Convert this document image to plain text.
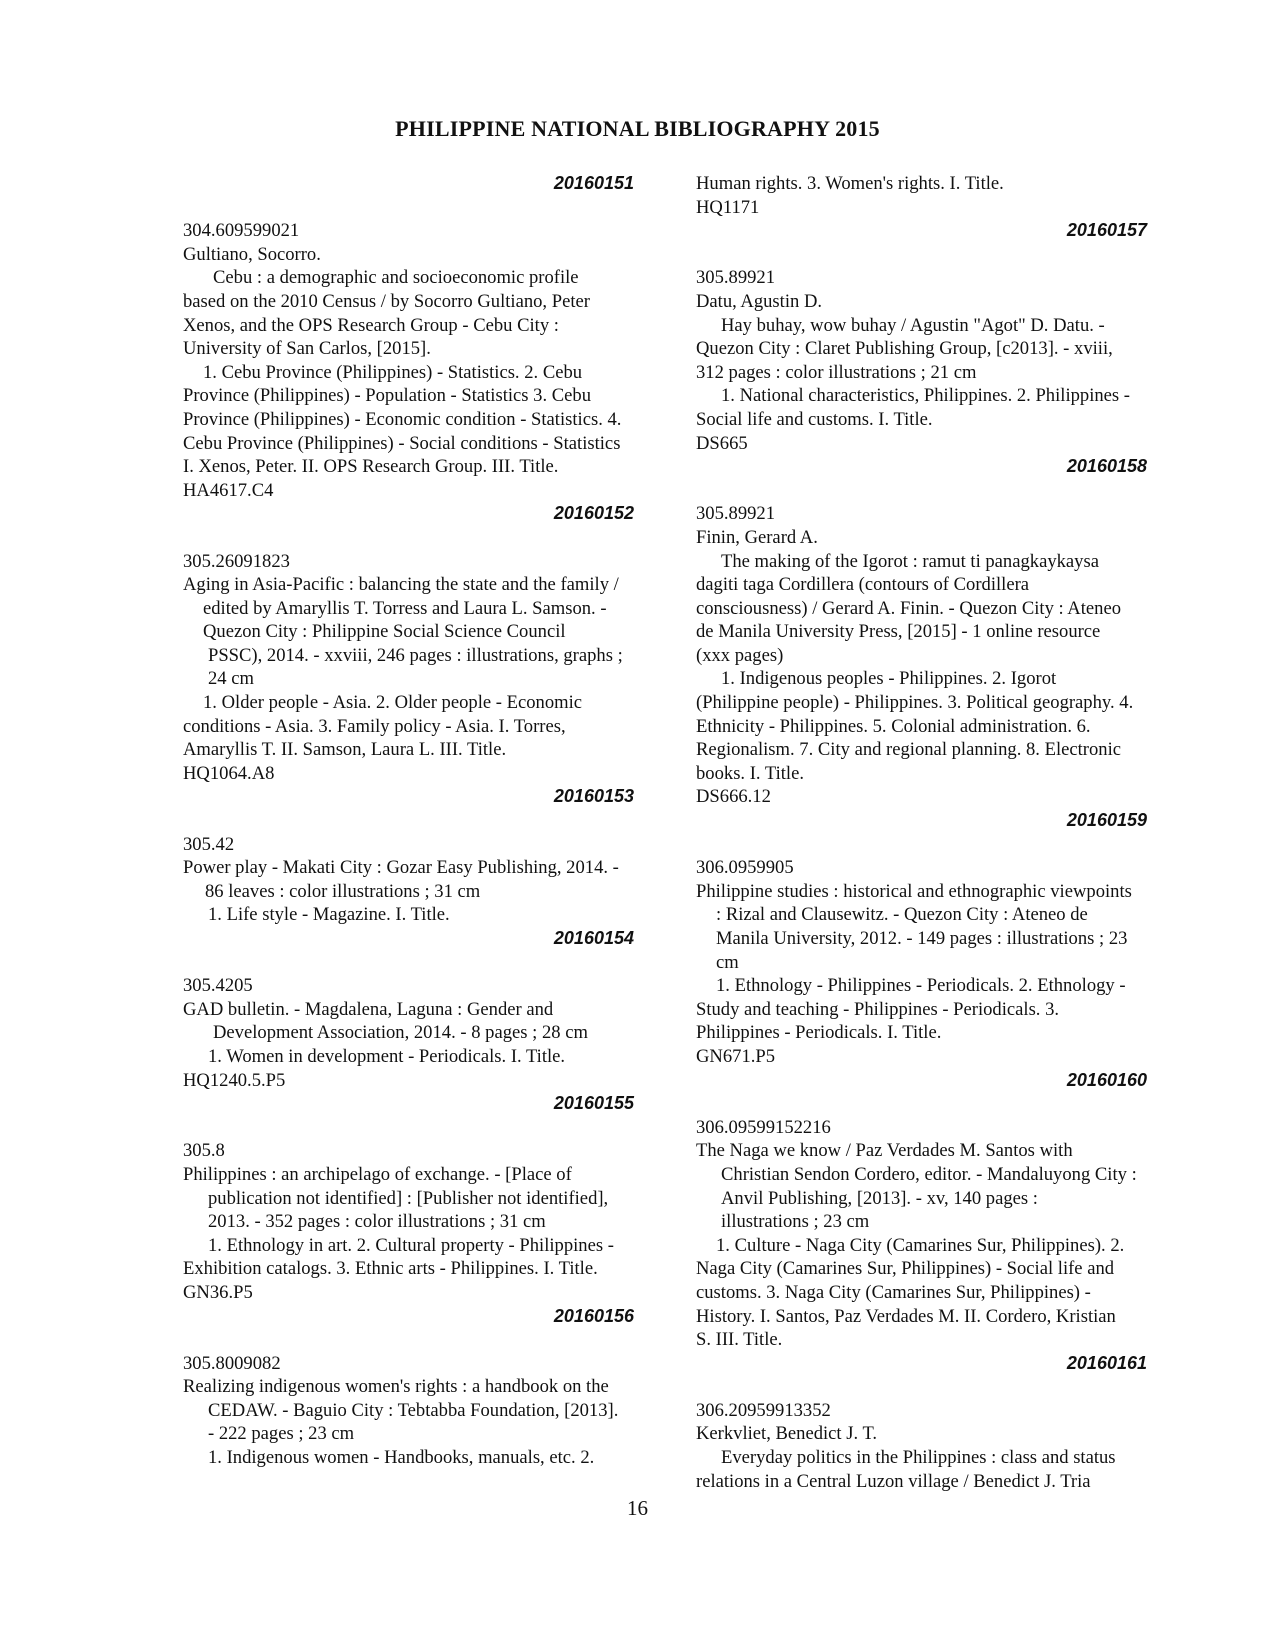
PHILIPPINE NATIONAL BIBLIOGRAPHY 2015
20160151
304.609599021
Gultiano, Socorro.
Cebu : a demographic and socioeconomic profile
based on the 2010 Census / by Socorro Gultiano, Peter
Xenos, and the OPS Research Group - Cebu City :
University of San Carlos, [2015].
1. Cebu Province (Philippines) - Statistics. 2. Cebu
Province (Philippines) - Population - Statistics 3. Cebu
Province (Philippines) - Economic condition - Statistics. 4.
Cebu Province (Philippines) - Social conditions - Statistics
I. Xenos, Peter. II. OPS Research Group. III. Title.
HA4617.C4
20160152
305.26091823
Aging in Asia-Pacific : balancing the state and the family /
edited by Amaryllis T. Torress and Laura L. Samson. -
Quezon City : Philippine Social Science Council
PSSC), 2014. - xxviii, 246 pages : illustrations, graphs ;
24 cm
1. Older people - Asia. 2. Older people - Economic
conditions - Asia. 3. Family policy - Asia. I. Torres,
Amaryllis T. II. Samson, Laura L. III. Title.
HQ1064.A8
20160153
305.42
Power play - Makati City : Gozar Easy Publishing, 2014. -
86 leaves : color illustrations ; 31 cm
1. Life style - Magazine. I. Title.
20160154
305.4205
GAD bulletin. - Magdalena, Laguna : Gender and
Development Association, 2014. - 8 pages ; 28 cm
1. Women in development - Periodicals. I. Title.
HQ1240.5.P5
20160155
305.8
Philippines : an archipelago of exchange. - [Place of
publication not identified] : [Publisher not identified],
2013. - 352 pages : color illustrations ; 31 cm
1. Ethnology in art. 2. Cultural property - Philippines -
Exhibition catalogs. 3. Ethnic arts - Philippines. I. Title.
GN36.P5
20160156
305.8009082
Realizing indigenous women's rights : a handbook on the
CEDAW. - Baguio City : Tebtabba Foundation, [2013].
- 222 pages ; 23 cm
1. Indigenous women - Handbooks, manuals, etc. 2.
Human rights. 3. Women's rights. I. Title.
HQ1171
20160157
305.89921
Datu, Agustin D.
Hay buhay, wow buhay / Agustin "Agot" D. Datu. -
Quezon City : Claret Publishing Group, [c2013]. - xviii,
312 pages : color illustrations ; 21 cm
1. National characteristics, Philippines. 2. Philippines -
Social life and customs. I. Title.
DS665
20160158
305.89921
Finin, Gerard A.
The making of the Igorot : ramut ti panagkaykaysa
dagiti taga Cordillera (contours of Cordillera
consciousness) / Gerard A. Finin. - Quezon City : Ateneo
de Manila University Press, [2015] - 1 online resource
(xxx pages)
1. Indigenous peoples - Philippines. 2. Igorot
(Philippine people) - Philippines. 3. Political geography. 4.
Ethnicity - Philippines. 5. Colonial administration. 6.
Regionalism. 7. City and regional planning. 8. Electronic
books. I. Title.
DS666.12
20160159
306.0959905
Philippine studies : historical and ethnographic viewpoints
: Rizal and Clausewitz. - Quezon City : Ateneo de
Manila University, 2012. - 149 pages : illustrations ; 23
cm
1. Ethnology - Philippines - Periodicals. 2. Ethnology -
Study and teaching - Philippines - Periodicals. 3.
Philippines - Periodicals. I. Title.
GN671.P5
20160160
306.09599152216
The Naga we know / Paz Verdades M. Santos with
Christian Sendon Cordero, editor. - Mandaluyong City :
Anvil Publishing, [2013]. - xv, 140 pages :
illustrations ; 23 cm
1. Culture - Naga City (Camarines Sur, Philippines). 2.
Naga City (Camarines Sur, Philippines) - Social life and
customs. 3. Naga City (Camarines Sur, Philippines) -
History. I. Santos, Paz Verdades M. II. Cordero, Kristian
S. III. Title.
20160161
306.20959913352
Kerkvliet, Benedict J. T.
Everyday politics in the Philippines : class and status
relations in a Central Luzon village / Benedict J. Tria
16
